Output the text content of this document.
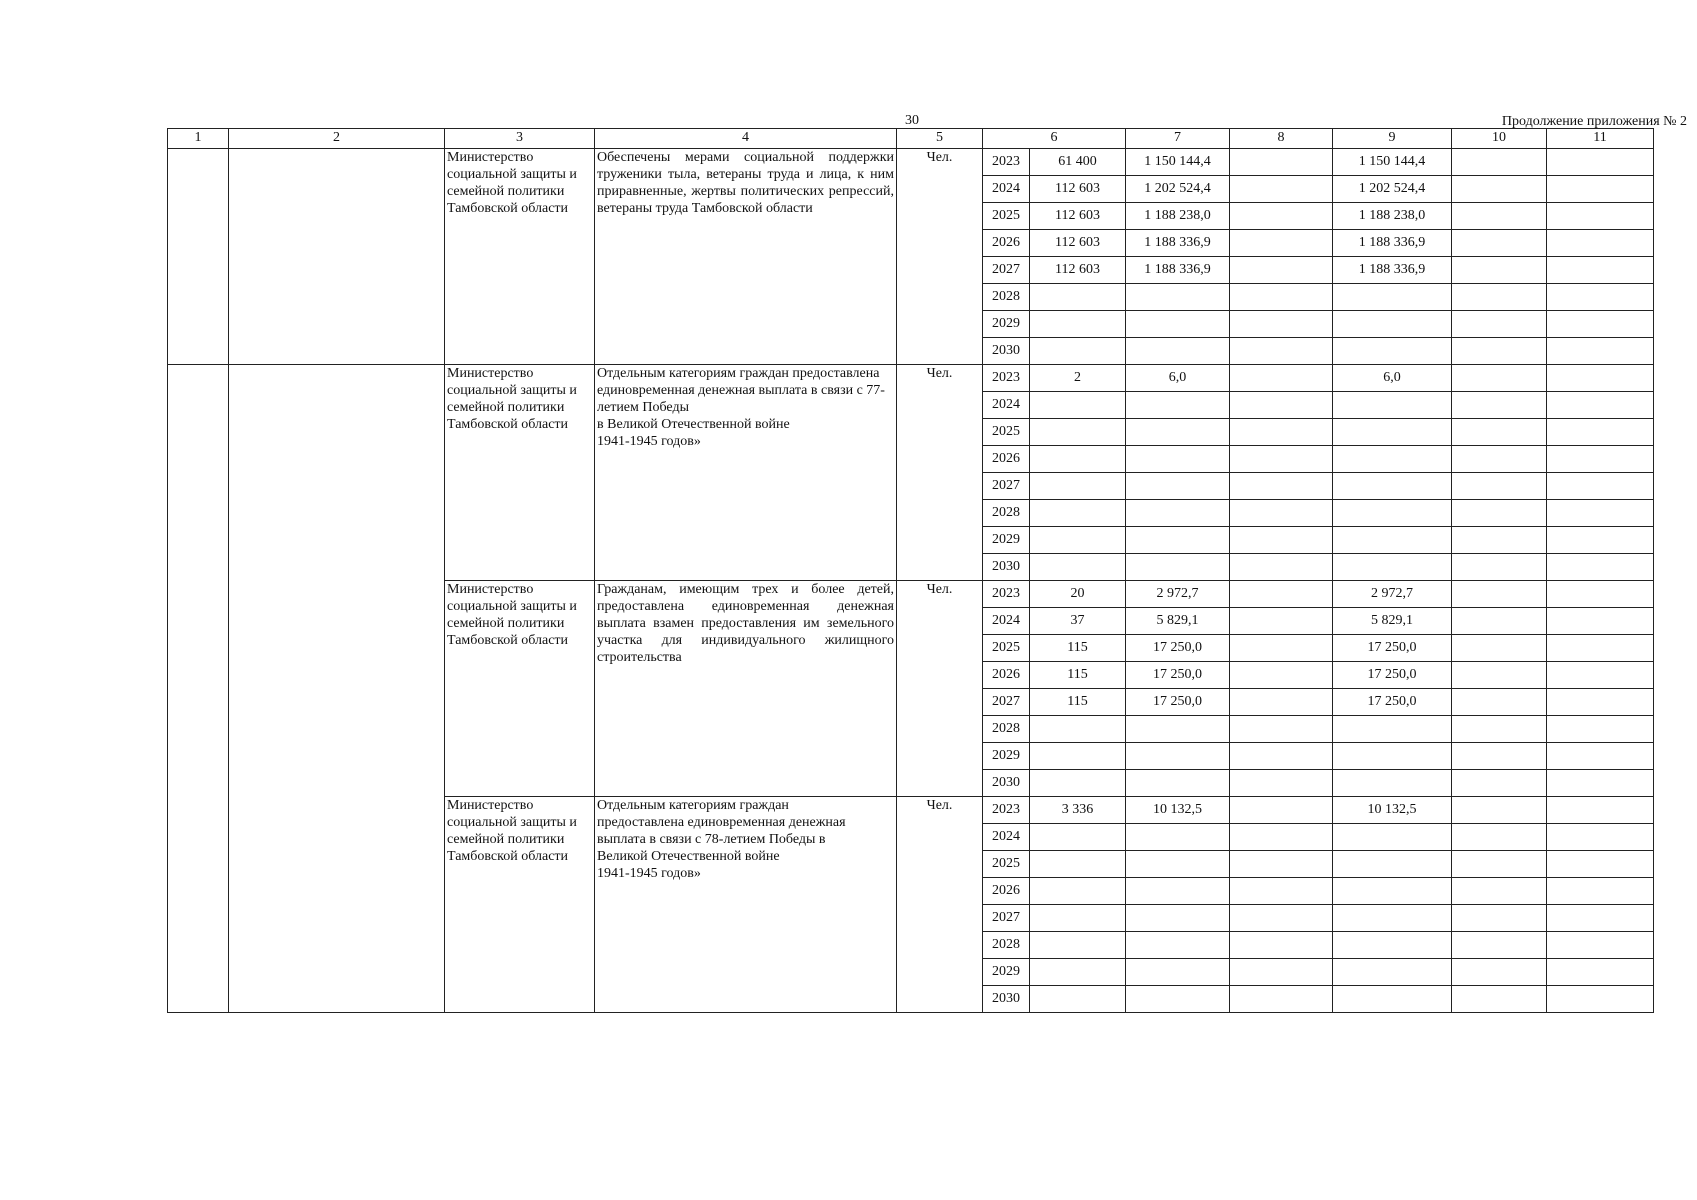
30	Продолжение приложения № 2
1	2	3	4	5	6		7	8	9	10	11
		Министерство социальной защиты и семейной политики Тамбовской области	Обеспечены мерами социальной поддержки труженики тыла, ветераны труда и лица, к ним приравненные, жертвы политических репрессий, ветераны труда Тамбовской области	Чел.	2023	61 400	1 150 144,4		1 150 144,4		
					2024	112 603	1 202 524,4		1 202 524,4		
					2025	112 603	1 188 238,0		1 188 238,0		
					2026	112 603	1 188 336,9		1 188 336,9		
					2027	112 603	1 188 336,9		1 188 336,9		
					2028						
					2029						
					2030						
		Министерство социальной защиты и семейной политики Тамбовской области	Отдельным категориям граждан предоставлена единовременная денежная выплата в связи с 77-летием Победы
в Великой Отечественной войне
1941-1945 годов»	Чел.	2023	2	6,0		6,0		
					2024						
					2025						
					2026						
					2027						
					2028						
					2029						
					2030						
		Министерство социальной защиты и семейной политики Тамбовской области	Гражданам, имеющим трех и более детей, предоставлена единовременная денежная выплата взамен предоставления им земельного участка для индивидуального жилищного строительства	Чел.	2023	20	2 972,7		2 972,7		
					2024	37	5 829,1		5 829,1		
					2025	115	17 250,0		17 250,0		
					2026	115	17 250,0		17 250,0		
					2027	115	17 250,0		17 250,0		
					2028						
					2029						
					2030						
		Министерство социальной защиты и семейной политики Тамбовской области	Отдельным категориям граждан
предоставлена единовременная денежная
выплата в связи с 78-летием Победы в
Великой Отечественной войне
1941-1945 годов»	Чел.	2023	3 336	10 132,5		10 132,5		
					2024						
					2025						
					2026						
					2027						
					2028						
					2029						
					2030						
